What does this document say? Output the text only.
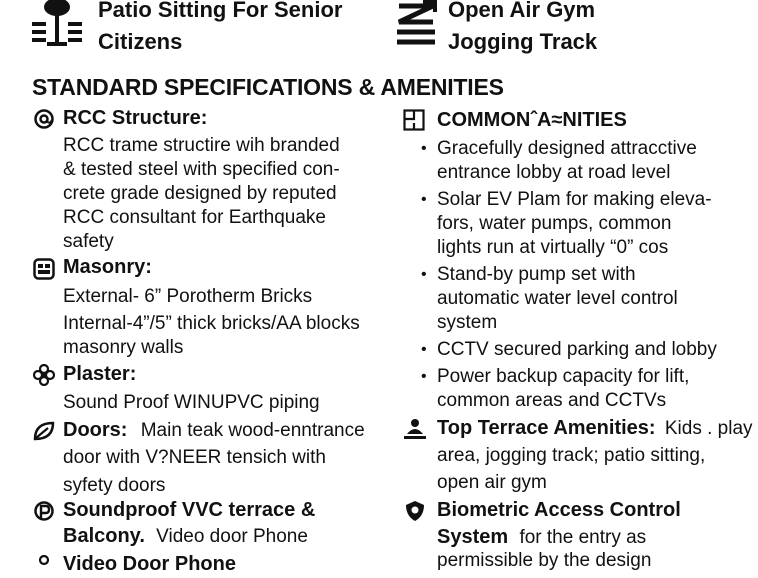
Patio Sitting For Senior
Citizens
Open Air Gym
Jogging Track
STANDARD SPECIFICATIONS & AMENITIES
RCC Structure:
RCC trame structire wih branded
& tested steel with specified con-
crete grade designed by reputed
RCC consultant for Earthquake
safety
Masonry:
External- 6” Porotherm Bricks
Internal-4”/5” thick bricks/AA blocks
masonry walls
Plaster:
Sound Proof WINUPVC piping
Doors: Main teak wood-enntrance
door with V?NEER tensich with
syfety doors
Soundproof VVC terrace &
Balcony. Video door Phone
Video Door Phone
COMMONˆA≈NITIES
• Gracefully designed attracctive
entrance lobby at road level
• Solar EV Plam for making eleva-
fors, water pumps, common
lights run at virtually “0” cos
• Stand-by pump set with
automatic water level control
system
• CCTV secured parking and lobby
• Power backup capacity for lift,
common areas and CCTVs
Top Terrace Amenities: Kids . play
area, jogging track; patio sitting,
open air gym
Biometric Access Control
System for the entry as
permissible by the design
